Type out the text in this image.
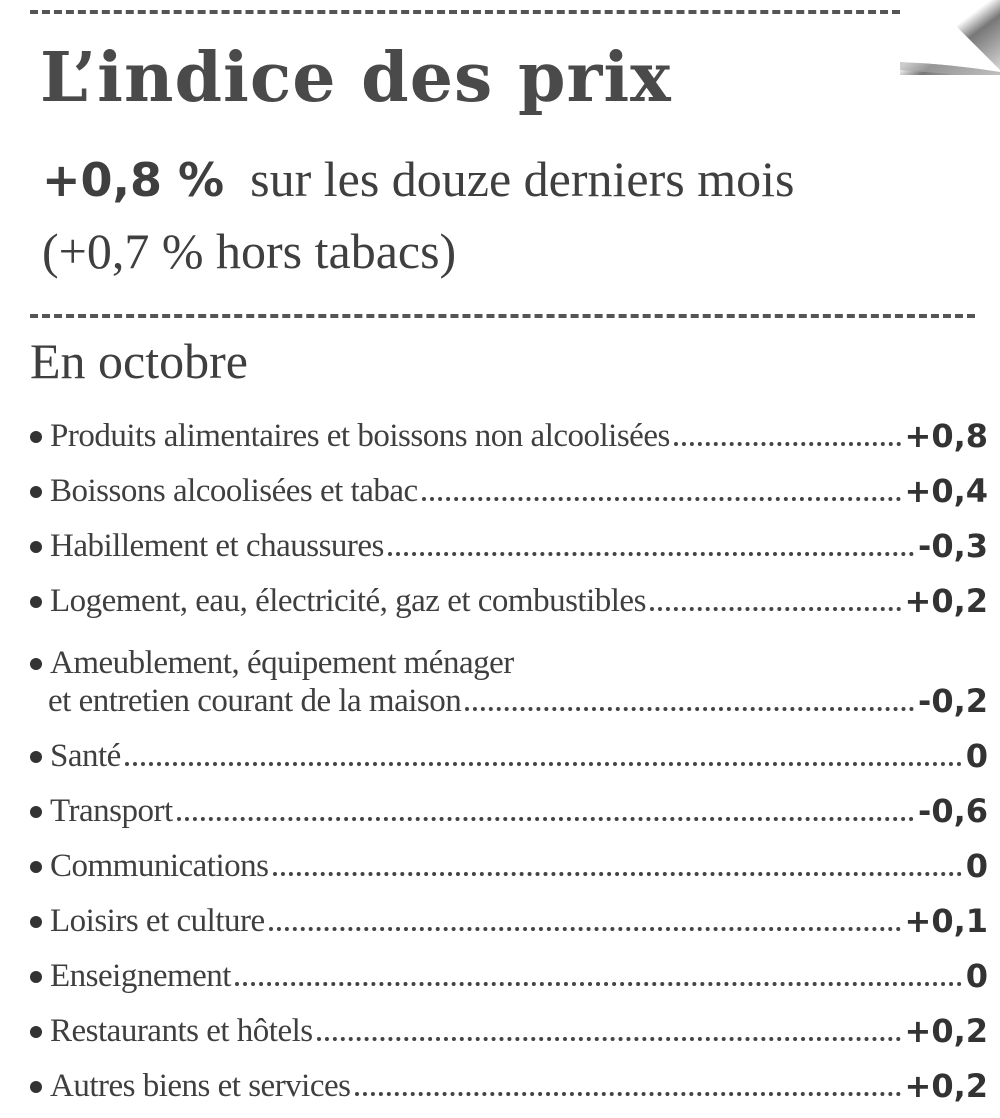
L’indice des prix
+0,8 % sur les douze derniers mois
(+0,7 % hors tabacs)
En octobre
Produits alimentaires et boissons non alcoolisées	+0,8
Boissons alcoolisées et tabac	+0,4
Habillement et chaussures	-0,3
Logement, eau, électricité, gaz et combustibles	+0,2
Ameublement, équipement ménager
et entretien courant de la maison	-0,2
Santé	0
Transport	-0,6
Communications	0
Loisirs et culture	+0,1
Enseignement	0
Restaurants et hôtels	+0,2
Autres biens et services	+0,2
